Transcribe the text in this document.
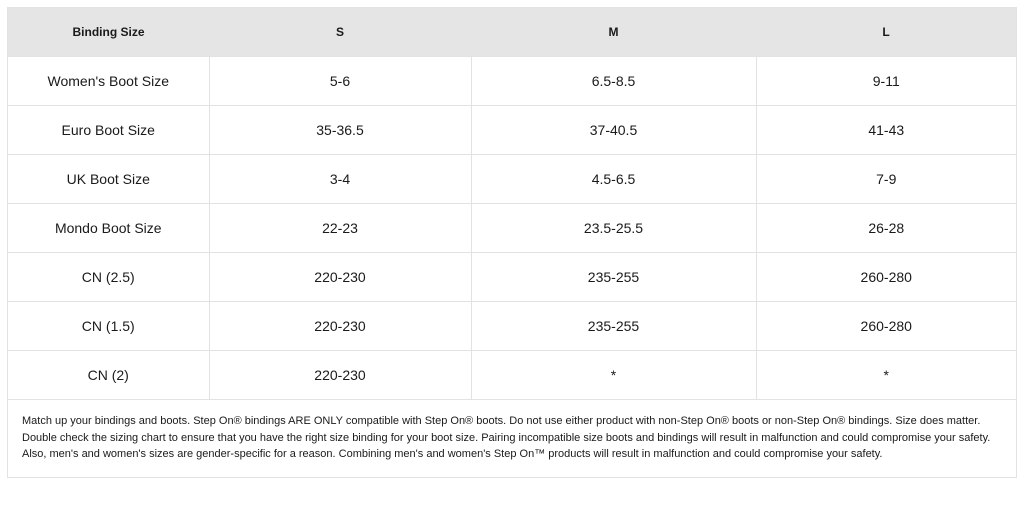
Binding Size	S	M	L
Women's Boot Size	5-6	6.5-8.5	9-11
Euro Boot Size	35-36.5	37-40.5	41-43
UK Boot Size	3-4	4.5-6.5	7-9
Mondo Boot Size	22-23	23.5-25.5	26-28
CN (2.5)	220-230	235-255	260-280
CN (1.5)	220-230	235-255	260-280
CN (2)	220-230	*	*
Match up your bindings and boots. Step On® bindings ARE ONLY compatible with Step On® boots. Do not use either product with non-Step On® boots or non-Step On® bindings. Size does matter. Double check the sizing chart to ensure that you have the right size binding for your boot size. Pairing incompatible size boots and bindings will result in malfunction and could compromise your safety. Also, men's and women's sizes are gender-specific for a reason. Combining men's and women's Step On™ products will result in malfunction and could compromise your safety.
